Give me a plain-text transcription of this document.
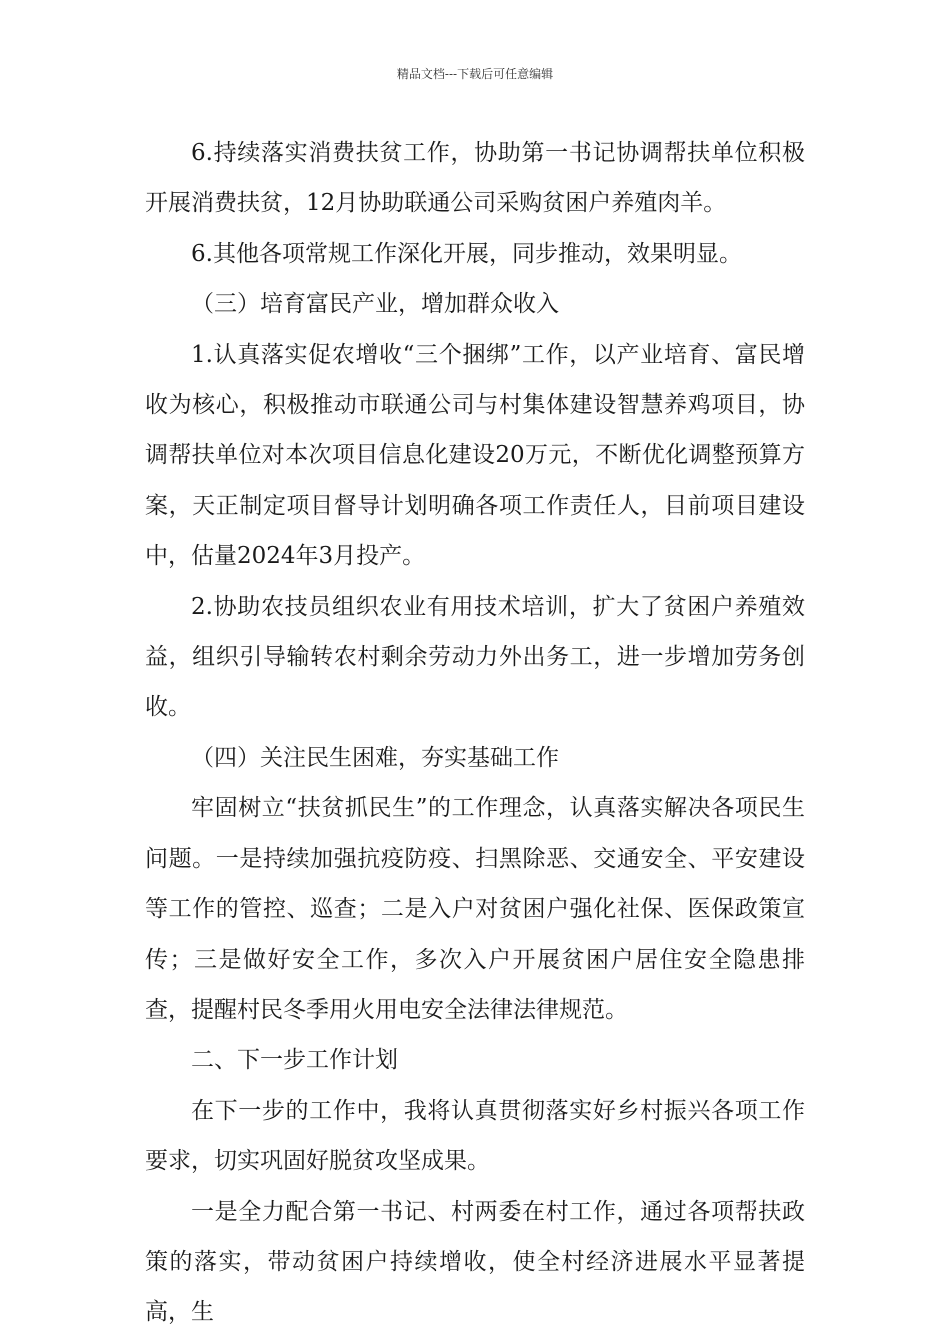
精品文档---下载后可任意编辑

6.持续落实消费扶贫工作，协助第一书记协调帮扶单位积极开展消费扶贫，12月协助联通公司采购贫困户养殖肉羊。

6.其他各项常规工作深化开展，同步推动，效果明显。

（三）培育富民产业，增加群众收入

1.认真落实促农增收“三个捆绑”工作，以产业培育、富民增收为核心，积极推动市联通公司与村集体建设智慧养鸡项目，协调帮扶单位对本次项目信息化建设20万元，不断优化调整预算方案，天正制定项目督导计划明确各项工作责任人，目前项目建设中，估量2024年3月投产。

2.协助农技员组织农业有用技术培训，扩大了贫困户养殖效益，组织引导输转农村剩余劳动力外出务工，进一步增加劳务创收。

（四）关注民生困难，夯实基础工作

牢固树立“扶贫抓民生”的工作理念，认真落实解决各项民生问题。一是持续加强抗疫防疫、扫黑除恶、交通安全、平安建设等工作的管控、巡查；二是入户对贫困户强化社保、医保政策宣传；三是做好安全工作，多次入户开展贫困户居住安全隐患排查，提醒村民冬季用火用电安全法律法律规范。

二、下一步工作计划

在下一步的工作中，我将认真贯彻落实好乡村振兴各项工作要求，切实巩固好脱贫攻坚成果。

一是全力配合第一书记、村两委在村工作，通过各项帮扶政策的落实，带动贫困户持续增收，使全村经济进展水平显著提高，生
